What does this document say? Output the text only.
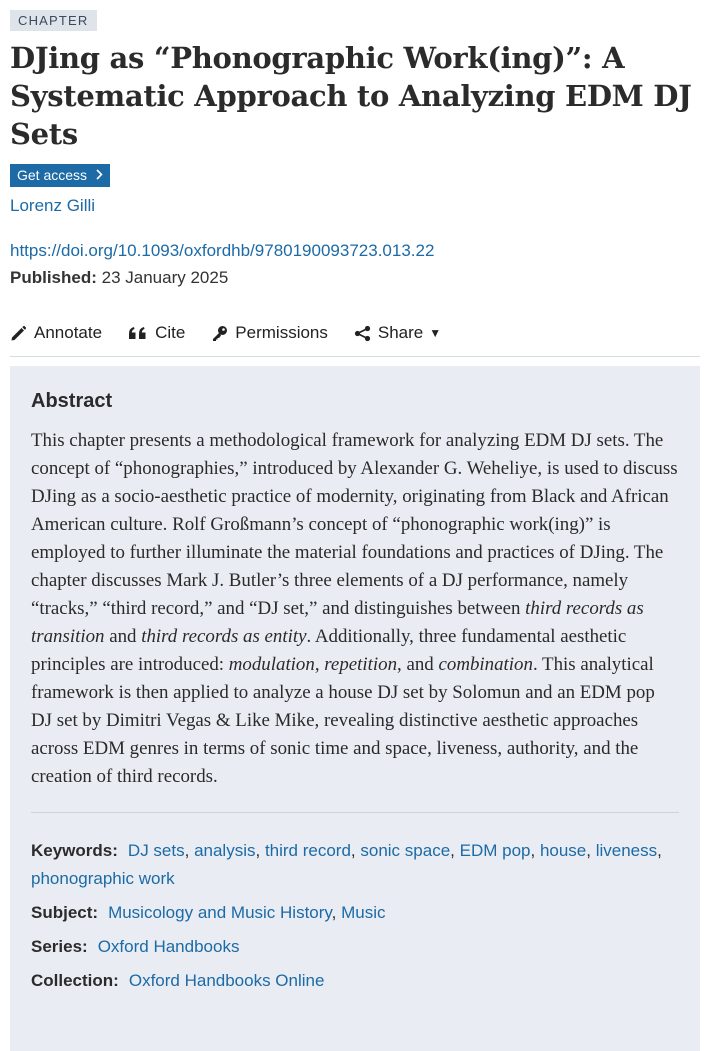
CHAPTER
DJing as “Phonographic Work(ing)”: A Systematic Approach to Analyzing EDM DJ Sets
Get access
Lorenz Gilli
https://doi.org/10.1093/oxfordhb/9780190093723.013.22
Published: 23 January 2025
Annotate	Cite	Permissions	Share ▼
Abstract
This chapter presents a methodological framework for analyzing EDM DJ sets. The concept of “phonographies,” introduced by Alexander G. Weheliye, is used to discuss DJing as a socio-aesthetic practice of modernity, originating from Black and African American culture. Rolf Großmann’s concept of “phonographic work(ing)” is employed to further illuminate the material foundations and practices of DJing. The chapter discusses Mark J. Butler’s three elements of a DJ performance, namely “tracks,” “third record,” and “DJ set,” and distinguishes between third records as transition and third records as entity. Additionally, three fundamental aesthetic principles are introduced: modulation, repetition, and combination. This analytical framework is then applied to analyze a house DJ set by Solomun and an EDM pop DJ set by Dimitri Vegas & Like Mike, revealing distinctive aesthetic approaches across EDM genres in terms of sonic time and space, liveness, authority, and the creation of third records.
Keywords: DJ sets, analysis, third record, sonic space, EDM pop, house, liveness, phonographic work
Subject: Musicology and Music History, Music
Series: Oxford Handbooks
Collection: Oxford Handbooks Online
